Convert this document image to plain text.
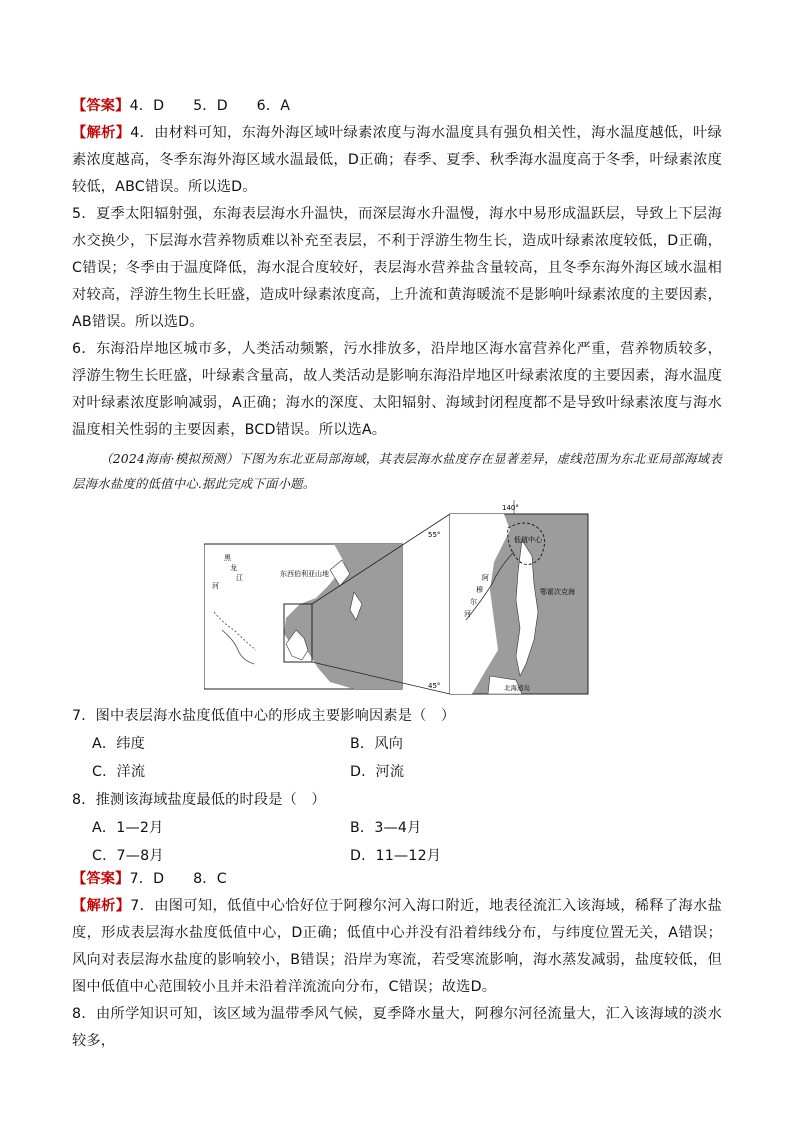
【答案】4．D　　5．D　　6．A

【解析】4．由材料可知，东海外海区域叶绿素浓度与海水温度具有强负相关性，海水温度越低，叶绿素浓度越高，冬季东海外海区域水温最低，D正确；春季、夏季、秋季海水温度高于冬季，叶绿素浓度较低，ABC错误。所以选D。

5．夏季太阳辐射强，东海表层海水升温快，而深层海水升温慢，海水中易形成温跃层，导致上下层海水交换少，下层海水营养物质难以补充至表层，不利于浮游生物生长，造成叶绿素浓度较低，D正确，C错误；冬季由于温度降低，海水混合度较好，表层海水营养盐含量较高，且冬季东海外海区域水温相对较高，浮游生物生长旺盛，造成叶绿素浓度高，上升流和黄海暖流不是影响叶绿素浓度的主要因素，AB错误。所以选D。

6．东海沿岸地区城市多，人类活动频繁，污水排放多，沿岸地区海水富营养化严重，营养物质较多，浮游生物生长旺盛，叶绿素含量高，故人类活动是影响东海沿岸地区叶绿素浓度的主要因素，海水温度对叶绿素浓度影响减弱，A正确；海水的深度、太阳辐射、海域封闭程度都不是导致叶绿素浓度与海水温度相关性弱的主要因素，BCD错误。所以选A。

（2024海南·模拟预测）下图为东北亚局部海域，其表层海水盐度存在显著差异，虚线范围为东北亚局部海域表层海水盐度的低值中心.据此完成下面小题。

黑
龙
江
河
东西伯利亚山地
140°
55°
45°
低值中心
阿
穆
尔
河
鄂霍次克海
北海道岛

7．图中表层海水盐度低值中心的形成主要影响因素是（　）

A．纬度	B．风向

C．洋流	D．河流

8．推测该海域盐度最低的时段是（　）

A．1—2月	B．3—4月

C．7—8月	D．11—12月

【答案】7．D　　8．C

【解析】7．由图可知，低值中心恰好位于阿穆尔河入海口附近，地表径流汇入该海域，稀释了海水盐度，形成表层海水盐度低值中心，D正确；低值中心并没有沿着纬线分布，与纬度位置无关，A错误；风向对表层海水盐度的影响较小，B错误；沿岸为寒流，若受寒流影响，海水蒸发减弱，盐度较低，但图中低值中心范围较小且并未沿着洋流流向分布，C错误；故选D。

8．由所学知识可知，该区域为温带季风气候，夏季降水量大，阿穆尔河径流量大，汇入该海域的淡水较多，
